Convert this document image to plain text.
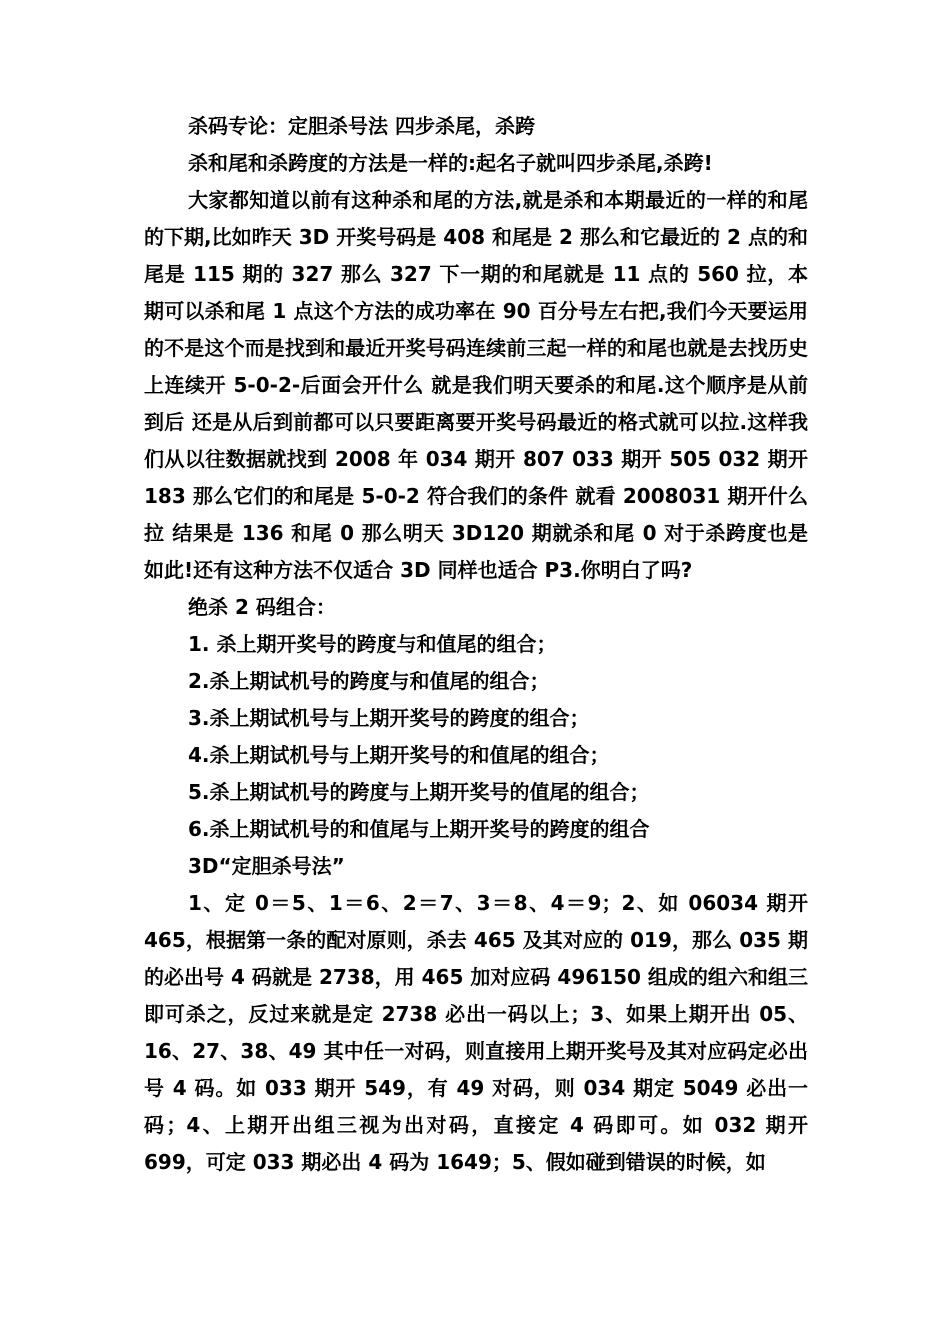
杀码专论：定胆杀号法 四步杀尾，杀跨

杀和尾和杀跨度的方法是一样的:起名子就叫四步杀尾,杀跨!

大家都知道以前有这种杀和尾的方法,就是杀和本期最近的一样的和尾的下期,比如昨天 3D 开奖号码是 408 和尾是 2 那么和它最近的 2 点的和尾是 115 期的 327 那么 327 下一期的和尾就是 11 点的 560 拉，本期可以杀和尾 1 点这个方法的成功率在 90 百分号左右把,我们今天要运用的不是这个而是找到和最近开奖号码连续前三起一样的和尾也就是去找历史上连续开 5-0-2-后面会开什么 就是我们明天要杀的和尾.这个顺序是从前到后 还是从后到前都可以只要距离要开奖号码最近的格式就可以拉.这样我们从以往数据就找到 2008 年 034 期开 807 033 期开 505 032 期开 183 那么它们的和尾是 5-0-2 符合我们的条件 就看 2008031 期开什么拉 结果是 136 和尾 0 那么明天 3D120 期就杀和尾 0 对于杀跨度也是如此!还有这种方法不仅适合 3D 同样也适合 P3.你明白了吗?

绝杀 2 码组合：

1. 杀上期开奖号的跨度与和值尾的组合；

2.杀上期试机号的跨度与和值尾的组合；

3.杀上期试机号与上期开奖号的跨度的组合；

4.杀上期试机号与上期开奖号的和值尾的组合；

5.杀上期试机号的跨度与上期开奖号的值尾的组合；

6.杀上期试机号的和值尾与上期开奖号的跨度的组合

3D“定胆杀号法”

1、定 0＝5、1＝6、2＝7、3＝8、4＝9；2、如 06034 期开 465，根据第一条的配对原则，杀去 465 及其对应的 019，那么 035 期的必出号 4 码就是 2738，用 465 加对应码 496150 组成的组六和组三即可杀之，反过来就是定 2738 必出一码以上；3、如果上期开出 05、16、27、38、49 其中任一对码，则直接用上期开奖号及其对应码定必出号 4 码。如 033 期开 549，有 49 对码，则 034 期定 5049 必出一码；4、上期开出组三视为出对码，直接定 4 码即可。如 032 期开 699，可定 033 期必出 4 码为 1649；5、假如碰到错误的时候，如
